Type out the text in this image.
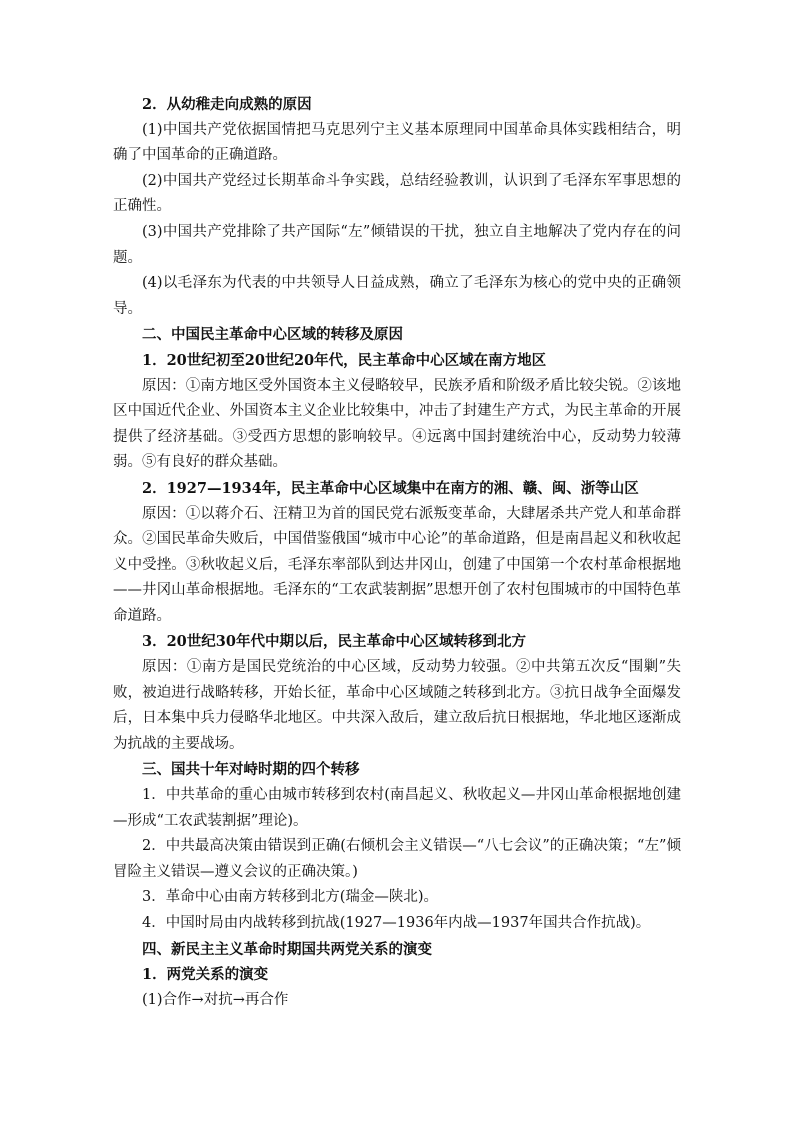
2．从幼稚走向成熟的原因

(1)中国共产党依据国情把马克思列宁主义基本原理同中国革命具体实践相结合，明确了中国革命的正确道路。

(2)中国共产党经过长期革命斗争实践，总结经验教训，认识到了毛泽东军事思想的正确性。

(3)中国共产党排除了共产国际“左”倾错误的干扰，独立自主地解决了党内存在的问题。

(4)以毛泽东为代表的中共领导人日益成熟，确立了毛泽东为核心的党中央的正确领导。

二、中国民主革命中心区域的转移及原因

1．20世纪初至20世纪20年代，民主革命中心区域在南方地区

原因：①南方地区受外国资本主义侵略较早，民族矛盾和阶级矛盾比较尖锐。②该地区中国近代企业、外国资本主义企业比较集中，冲击了封建生产方式，为民主革命的开展提供了经济基础。③受西方思想的影响较早。④远离中国封建统治中心，反动势力较薄弱。⑤有良好的群众基础。

2．1927—1934年，民主革命中心区域集中在南方的湘、赣、闽、浙等山区

原因：①以蒋介石、汪精卫为首的国民党右派叛变革命，大肆屠杀共产党人和革命群众。②国民革命失败后，中国借鉴俄国“城市中心论”的革命道路，但是南昌起义和秋收起义中受挫。③秋收起义后，毛泽东率部队到达井冈山，创建了中国第一个农村革命根据地——井冈山革命根据地。毛泽东的“工农武装割据”思想开创了农村包围城市的中国特色革命道路。

3．20世纪30年代中期以后，民主革命中心区域转移到北方

原因：①南方是国民党统治的中心区域，反动势力较强。②中共第五次反“围剿”失败，被迫进行战略转移，开始长征，革命中心区域随之转移到北方。③抗日战争全面爆发后，日本集中兵力侵略华北地区。中共深入敌后，建立敌后抗日根据地，华北地区逐渐成为抗战的主要战场。

三、国共十年对峙时期的四个转移

1．中共革命的重心由城市转移到农村(南昌起义、秋收起义—井冈山革命根据地创建—形成“工农武装割据”理论)。

2．中共最高决策由错误到正确(右倾机会主义错误—“八七会议”的正确决策；“左”倾冒险主义错误—遵义会议的正确决策。)

3．革命中心由南方转移到北方(瑞金—陕北)。

4．中国时局由内战转移到抗战(1927—1936年内战—1937年国共合作抗战)。

四、新民主主义革命时期国共两党关系的演变

1．两党关系的演变

(1)合作→对抗→再合作
